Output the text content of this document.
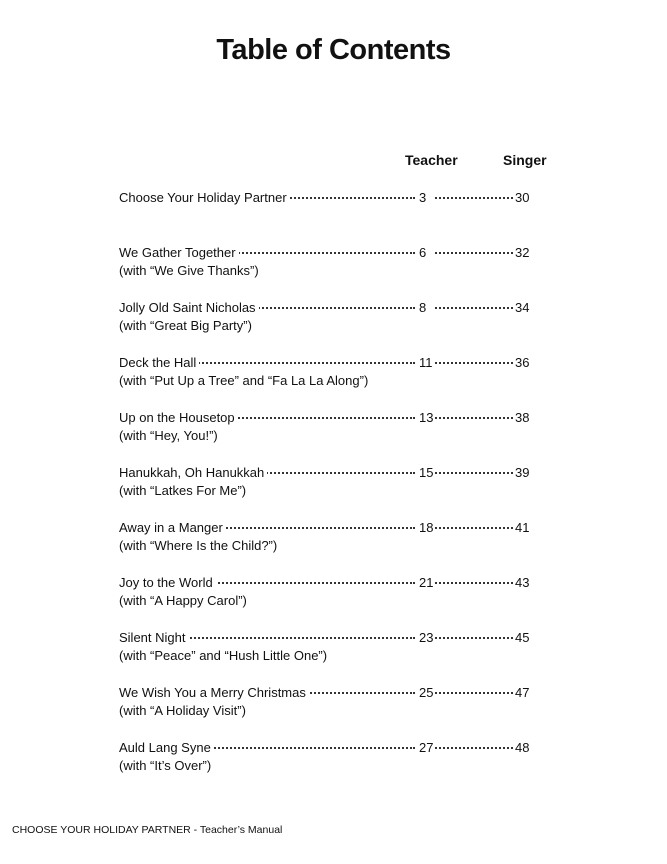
Table of Contents
Teacher	Singer
Choose Your Holiday Partner	3	30
We Gather Together	6	32
(with “We Give Thanks”)
Jolly Old Saint Nicholas	8	34
(with “Great Big Party”)
Deck the Hall	11	36
(with “Put Up a Tree” and “Fa La La Along”)
Up on the Housetop	13	38
(with “Hey, You!”)
Hanukkah, Oh Hanukkah	15	39
(with “Latkes For Me”)
Away in a Manger	18	41
(with “Where Is the Child?”)
Joy to the World	21	43
(with “A Happy Carol”)
Silent Night	23	45
(with “Peace” and “Hush Little One”)
We Wish You a Merry Christmas	25	47
(with “A Holiday Visit”)
Auld Lang Syne	27	48
(with “It’s Over”)
CHOOSE YOUR HOLIDAY PARTNER - Teacher’s Manual
